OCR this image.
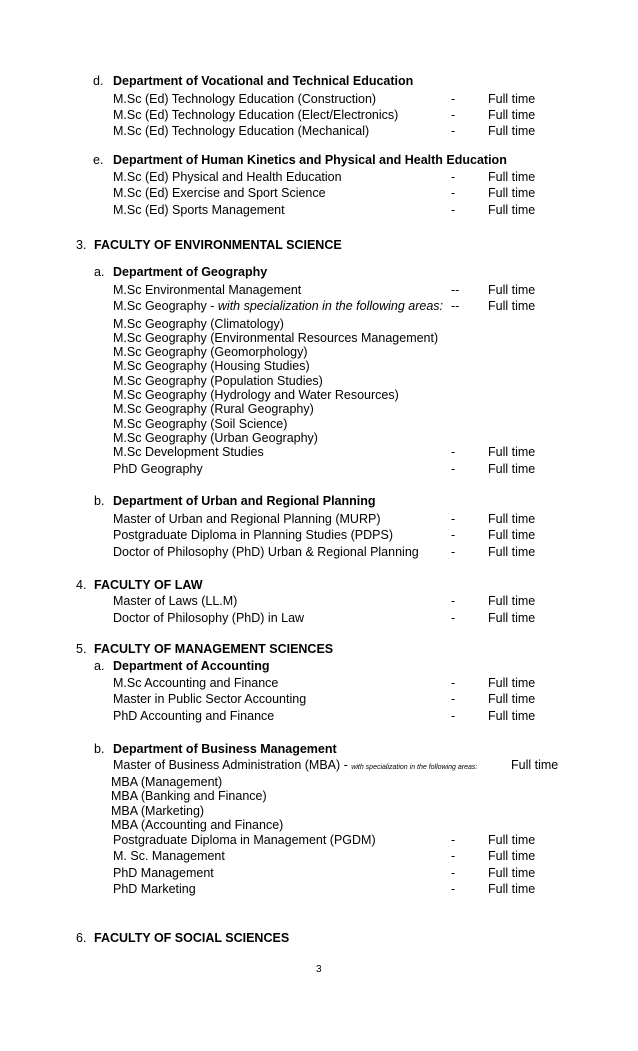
d. Department of Vocational and Technical Education
M.Sc (Ed) Technology Education (Construction)	-	Full time
M.Sc (Ed) Technology Education (Elect/Electronics)	-	Full time
M.Sc (Ed) Technology Education (Mechanical)	-	Full time
e. Department of Human Kinetics and Physical and Health Education
M.Sc (Ed) Physical and Health Education	-	Full time
M.Sc (Ed) Exercise and Sport Science	-	Full time
M.Sc (Ed) Sports Management	-	Full time
3. FACULTY OF ENVIRONMENTAL SCIENCE
a. Department of Geography
M.Sc Environmental Management	-- Full time
M.Sc Geography - with specialization in the following areas: -- Full time
M.Sc Geography (Climatology)
M.Sc Geography (Environmental Resources Management)
M.Sc Geography (Geomorphology)
M.Sc Geography (Housing Studies)
M.Sc Geography (Population Studies)
M.Sc Geography (Hydrology and Water Resources)
M.Sc Geography (Rural Geography)
M.Sc Geography (Soil Science)
M.Sc Geography (Urban Geography)
M.Sc Development Studies	-	Full time
PhD Geography	-	Full time
b. Department of Urban and Regional Planning
Master of Urban and Regional Planning (MURP)	-	Full time
Postgraduate Diploma in Planning Studies (PDPS)	-	Full time
Doctor of Philosophy (PhD) Urban & Regional Planning	-	Full time
4. FACULTY OF LAW
Master of Laws (LL.M)	-	Full time
Doctor of Philosophy (PhD) in Law	-	Full time
5. FACULTY OF MANAGEMENT SCIENCES
a. Department of Accounting
M.Sc Accounting and Finance	-	Full time
Master in Public Sector Accounting	-	Full time
PhD Accounting and Finance	-	Full time
b. Department of Business Management
Master of Business Administration (MBA) - with specialization in the following areas:	Full time
MBA (Management)
MBA (Banking and Finance)
MBA (Marketing)
MBA (Accounting and Finance)
Postgraduate Diploma in Management (PGDM)	-	Full time
M. Sc. Management	-	Full time
PhD Management	-	Full time
PhD Marketing	-	Full time
6. FACULTY OF SOCIAL SCIENCES
3
